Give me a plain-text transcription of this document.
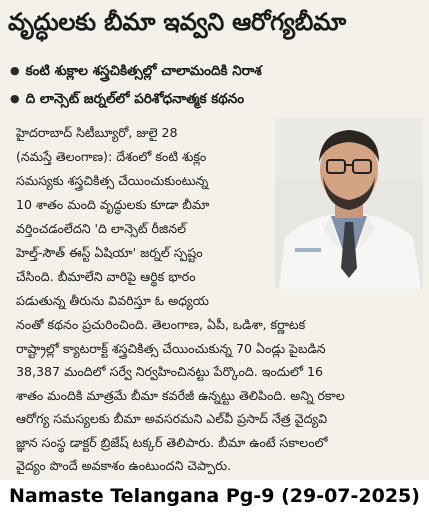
వృద్ధులకు బీమా ఇవ్వని ఆరోగ్యబీమా
● కంటి శుక్లాల శస్త్రచికిత్సల్లో చాలామందికి నిరాశ
● ది లాన్సెట్ జర్నల్‌లో పరిశోధనాత్మక కథనం
హైదరాబాద్ సిటీబ్యూరో, జులై 28
(నమస్తే తెలంగాణ): దేశంలో కంటి శుక్లం
సమస్యకు శస్త్రచికిత్స చేయించుకుంటున్న
10 శాతం మంది వృద్ధులకు కూడా బీమా
వర్తించడంలేదని 'ది లాన్సెట్ రీజినల్
హెల్త్-సౌత్ ఈస్ట్ ఏషియా' జర్నల్ స్పష్టం
చేసింది. బీమాలేని వారిపై ఆర్థిక భారం
పడుతున్న తీరును వివరిస్తూ ఓ అధ్యయ
నంతో కథనం ప్రచురించింది. తెలంగాణ, ఏపీ, ఒడిశా, కర్ణాటక
రాష్ట్రాల్లో క్యాటరాక్ట్ శస్త్రచికిత్స చేయించుకున్న 70 ఏండ్లు పైబడిన
38,387 మందిలో సర్వే నిర్వహించినట్టు పేర్కొంది. ఇందులో 16
శాతం మందికి మాత్రమే బీమా కవరేజీ ఉన్నట్టు తెలిపింది. అన్ని రకాల
ఆరోగ్య సమస్యలకు బీమా అవసరమని ఎల్‌వీ ప్రసాద్ నేత్ర వైద్యవి
జ్ఞాన సంస్థ డాక్టర్ బ్రిజేష్ టక్కర్ తెలిపారు. బీమా ఉంటే సకాలంలో
వైద్యం పొందే అవకాశం ఉంటుందని చెప్పారు.
Namaste Telangana Pg-9 (29-07-2025)
